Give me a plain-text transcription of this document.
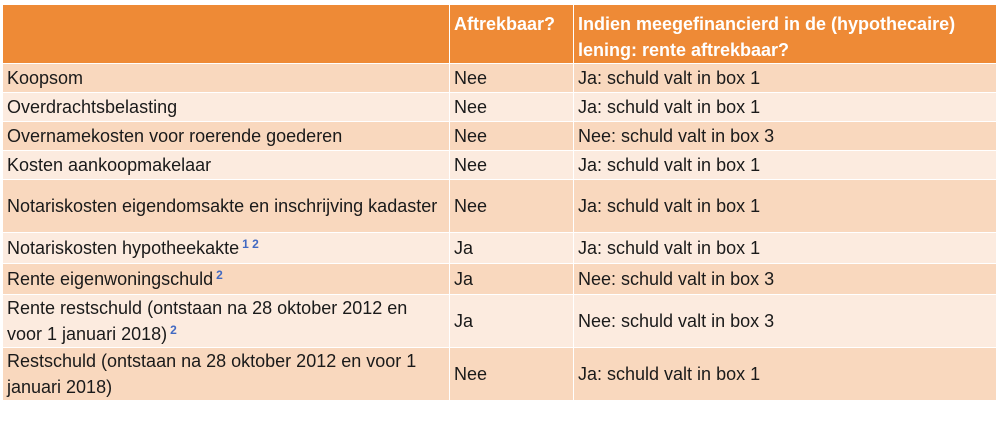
	Aftrekbaar?	Indien meegefinancierd in de (hypothecaire) lening: rente aftrekbaar?
Koopsom	Nee	Ja: schuld valt in box 1
Overdrachtsbelasting	Nee	Ja: schuld valt in box 1
Overnamekosten voor roerende goederen	Nee	Nee: schuld valt in box 3
Kosten aankoopmakelaar	Nee	Ja: schuld valt in box 1
Notariskosten eigendomsakte en inschrijving kadaster	Nee	Ja: schuld valt in box 1
Notariskosten hypotheekakte $^{1 2}$	Ja	Ja: schuld valt in box 1
Rente eigenwoningschuld $^2$	Ja	Nee: schuld valt in box 3
Rente restschuld (ontstaan na 28 oktober 2012 en voor 1 januari 2018) $^2$	Ja	Nee: schuld valt in box 3
Restschuld (ontstaan na 28 oktober 2012 en voor 1 januari 2018)	Nee	Ja: schuld valt in box 1
